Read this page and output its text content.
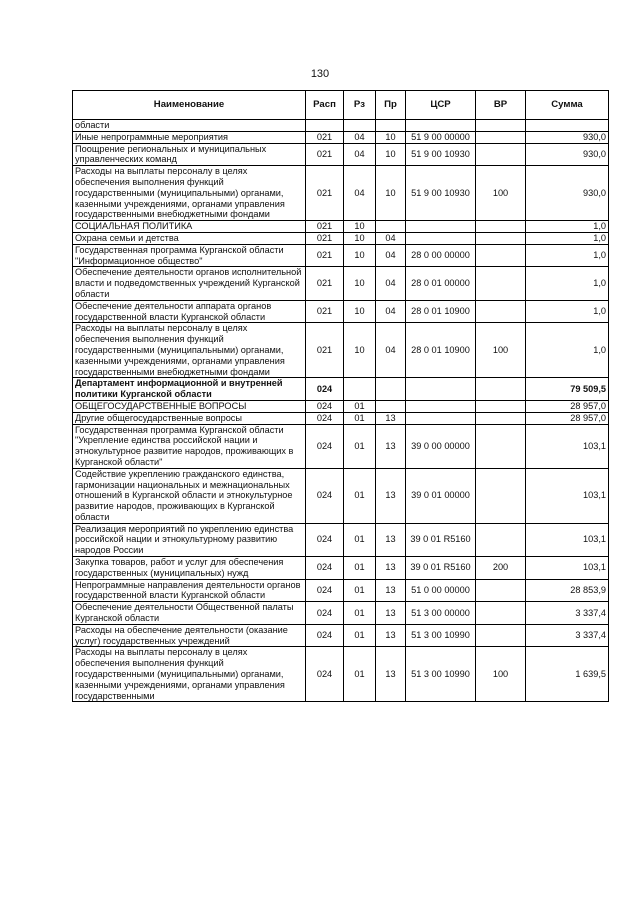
130
Наименование	Расп	Рз	Пр	ЦСР	ВР	Сумма
области						
Иные непрограммные мероприятия	021	04	10	51 9 00 00000		930,0
Поощрение региональных и муниципальных управленческих команд	021	04	10	51 9 00 10930		930,0
Расходы на выплаты персоналу в целях обеспечения выполнения функций государственными (муниципальными) органами, казенными учреждениями, органами управления государственными внебюджетными фондами	021	04	10	51 9 00 10930	100	930,0
СОЦИАЛЬНАЯ ПОЛИТИКА	021	10				1,0
Охрана семьи и детства	021	10	04			1,0
Государственная программа Курганской области "Информационное общество"	021	10	04	28 0 00 00000		1,0
Обеспечение деятельности органов исполнительной власти и подведомственных учреждений Курганской области	021	10	04	28 0 01 00000		1,0
Обеспечение деятельности аппарата органов государственной власти Курганской области	021	10	04	28 0 01 10900		1,0
Расходы на выплаты персоналу в целях обеспечения выполнения функций государственными (муниципальными) органами, казенными учреждениями, органами управления государственными внебюджетными фондами	021	10	04	28 0 01 10900	100	1,0
Департамент информационной и внутренней политики Курганской области	024					79 509,5
ОБЩЕГОСУДАРСТВЕННЫЕ ВОПРОСЫ	024	01				28 957,0
Другие общегосударственные вопросы	024	01	13			28 957,0
Государственная программа Курганской области "Укрепление единства российской нации и этнокультурное развитие народов, проживающих в Курганской области"	024	01	13	39 0 00 00000		103,1
Содействие укреплению гражданского единства, гармонизации национальных и межнациональных отношений в Курганской области и этнокультурное развитие народов, проживающих в Курганской области	024	01	13	39 0 01 00000		103,1
Реализация мероприятий по укреплению единства российской нации и этнокультурному развитию народов России	024	01	13	39 0 01 R5160		103,1
Закупка товаров, работ и услуг для обеспечения государственных (муниципальных) нужд	024	01	13	39 0 01 R5160	200	103,1
Непрограммные направления деятельности органов государственной власти Курганской области	024	01	13	51 0 00 00000		28 853,9
Обеспечение деятельности Общественной палаты Курганской области	024	01	13	51 3 00 00000		3 337,4
Расходы на обеспечение деятельности (оказание услуг) государственных учреждений	024	01	13	51 3 00 10990		3 337,4
Расходы на выплаты персоналу в целях обеспечения выполнения функций государственными (муниципальными) органами, казенными учреждениями, органами управления государственными	024	01	13	51 3 00 10990	100	1 639,5
